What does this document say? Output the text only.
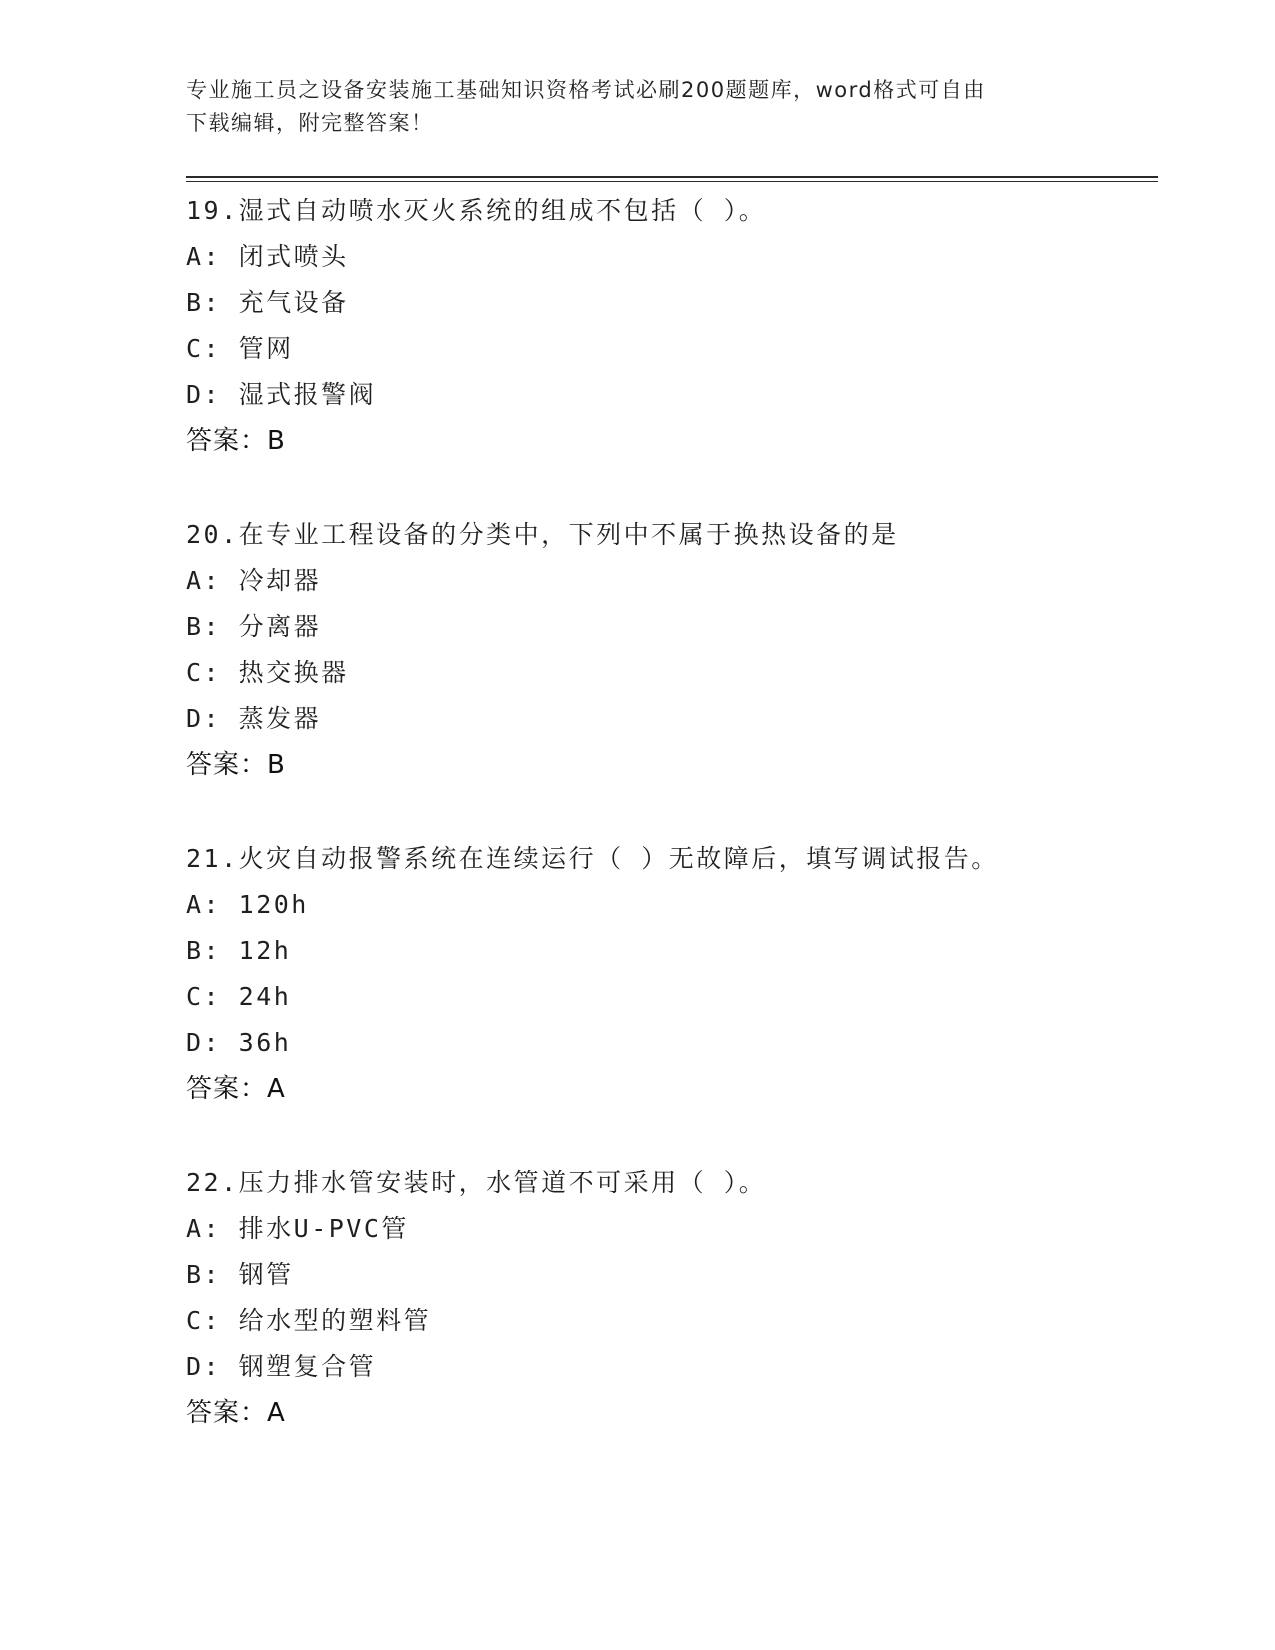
专业施工员之设备安装施工基础知识资格考试必刷200题题库，word格式可自由
下载编辑，附完整答案！
19.湿式自动喷水灭火系统的组成不包括（ ）。
A: 闭式喷头
B: 充气设备
C: 管网
D: 湿式报警阀
答案：B
20.在专业工程设备的分类中，下列中不属于换热设备的是
A: 冷却器
B: 分离器
C: 热交换器
D: 蒸发器
答案：B
21.火灾自动报警系统在连续运行（ ）无故障后，填写调试报告。
A: 120h
B: 12h
C: 24h
D: 36h
答案：A
22.压力排水管安装时，水管道不可采用（ ）。
A: 排水U-PVC管
B: 钢管
C: 给水型的塑料管
D: 钢塑复合管
答案：A
